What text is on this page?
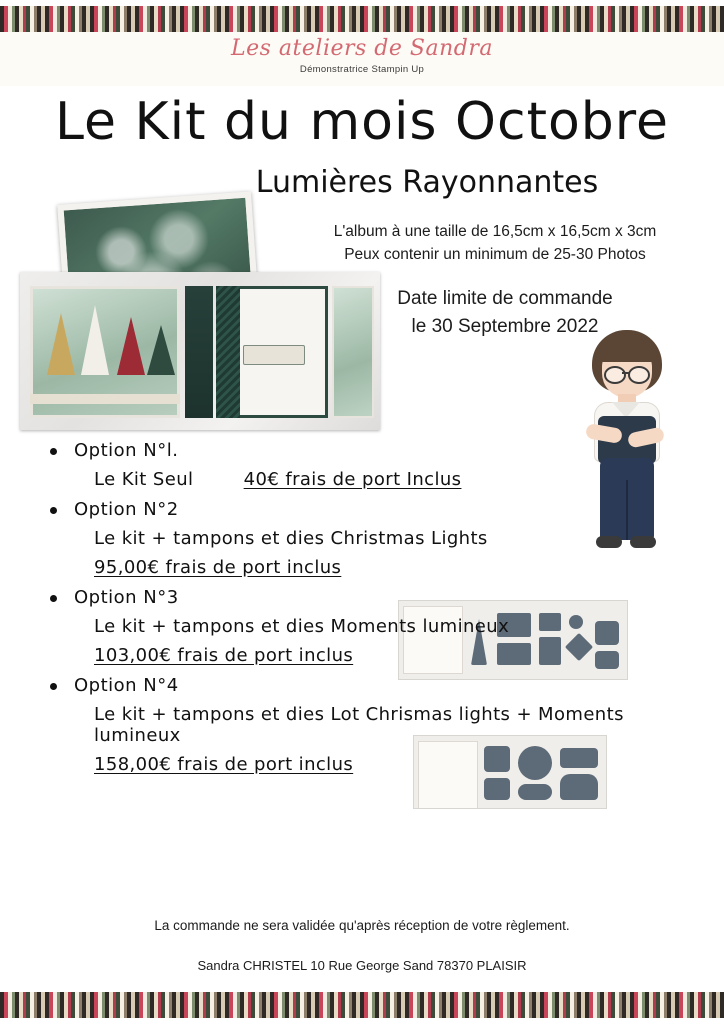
Les ateliers de Sandra
Démonstratrice Stampin Up
Le Kit du mois Octobre
Lumières Rayonnantes
L'album à une taille de 16,5cm x 16,5cm x 3cm
Peux contenir un minimum de 25-30 Photos
Date limite de commande
le 30 Septembre 2022
Option N°l.
Le Kit Seul	40€ frais de port Inclus
Option N°2
Le kit + tampons et dies Christmas Lights
95,00€ frais de port inclus
Option N°3
Le kit + tampons et dies Moments lumineux
103,00€ frais de port inclus
Option N°4
Le kit + tampons et dies Lot Chrismas lights + Moments lumineux
158,00€ frais de port inclus
La commande ne sera validée qu'après réception de votre règlement.
Sandra CHRISTEL 10 Rue George Sand 78370 PLAISIR
